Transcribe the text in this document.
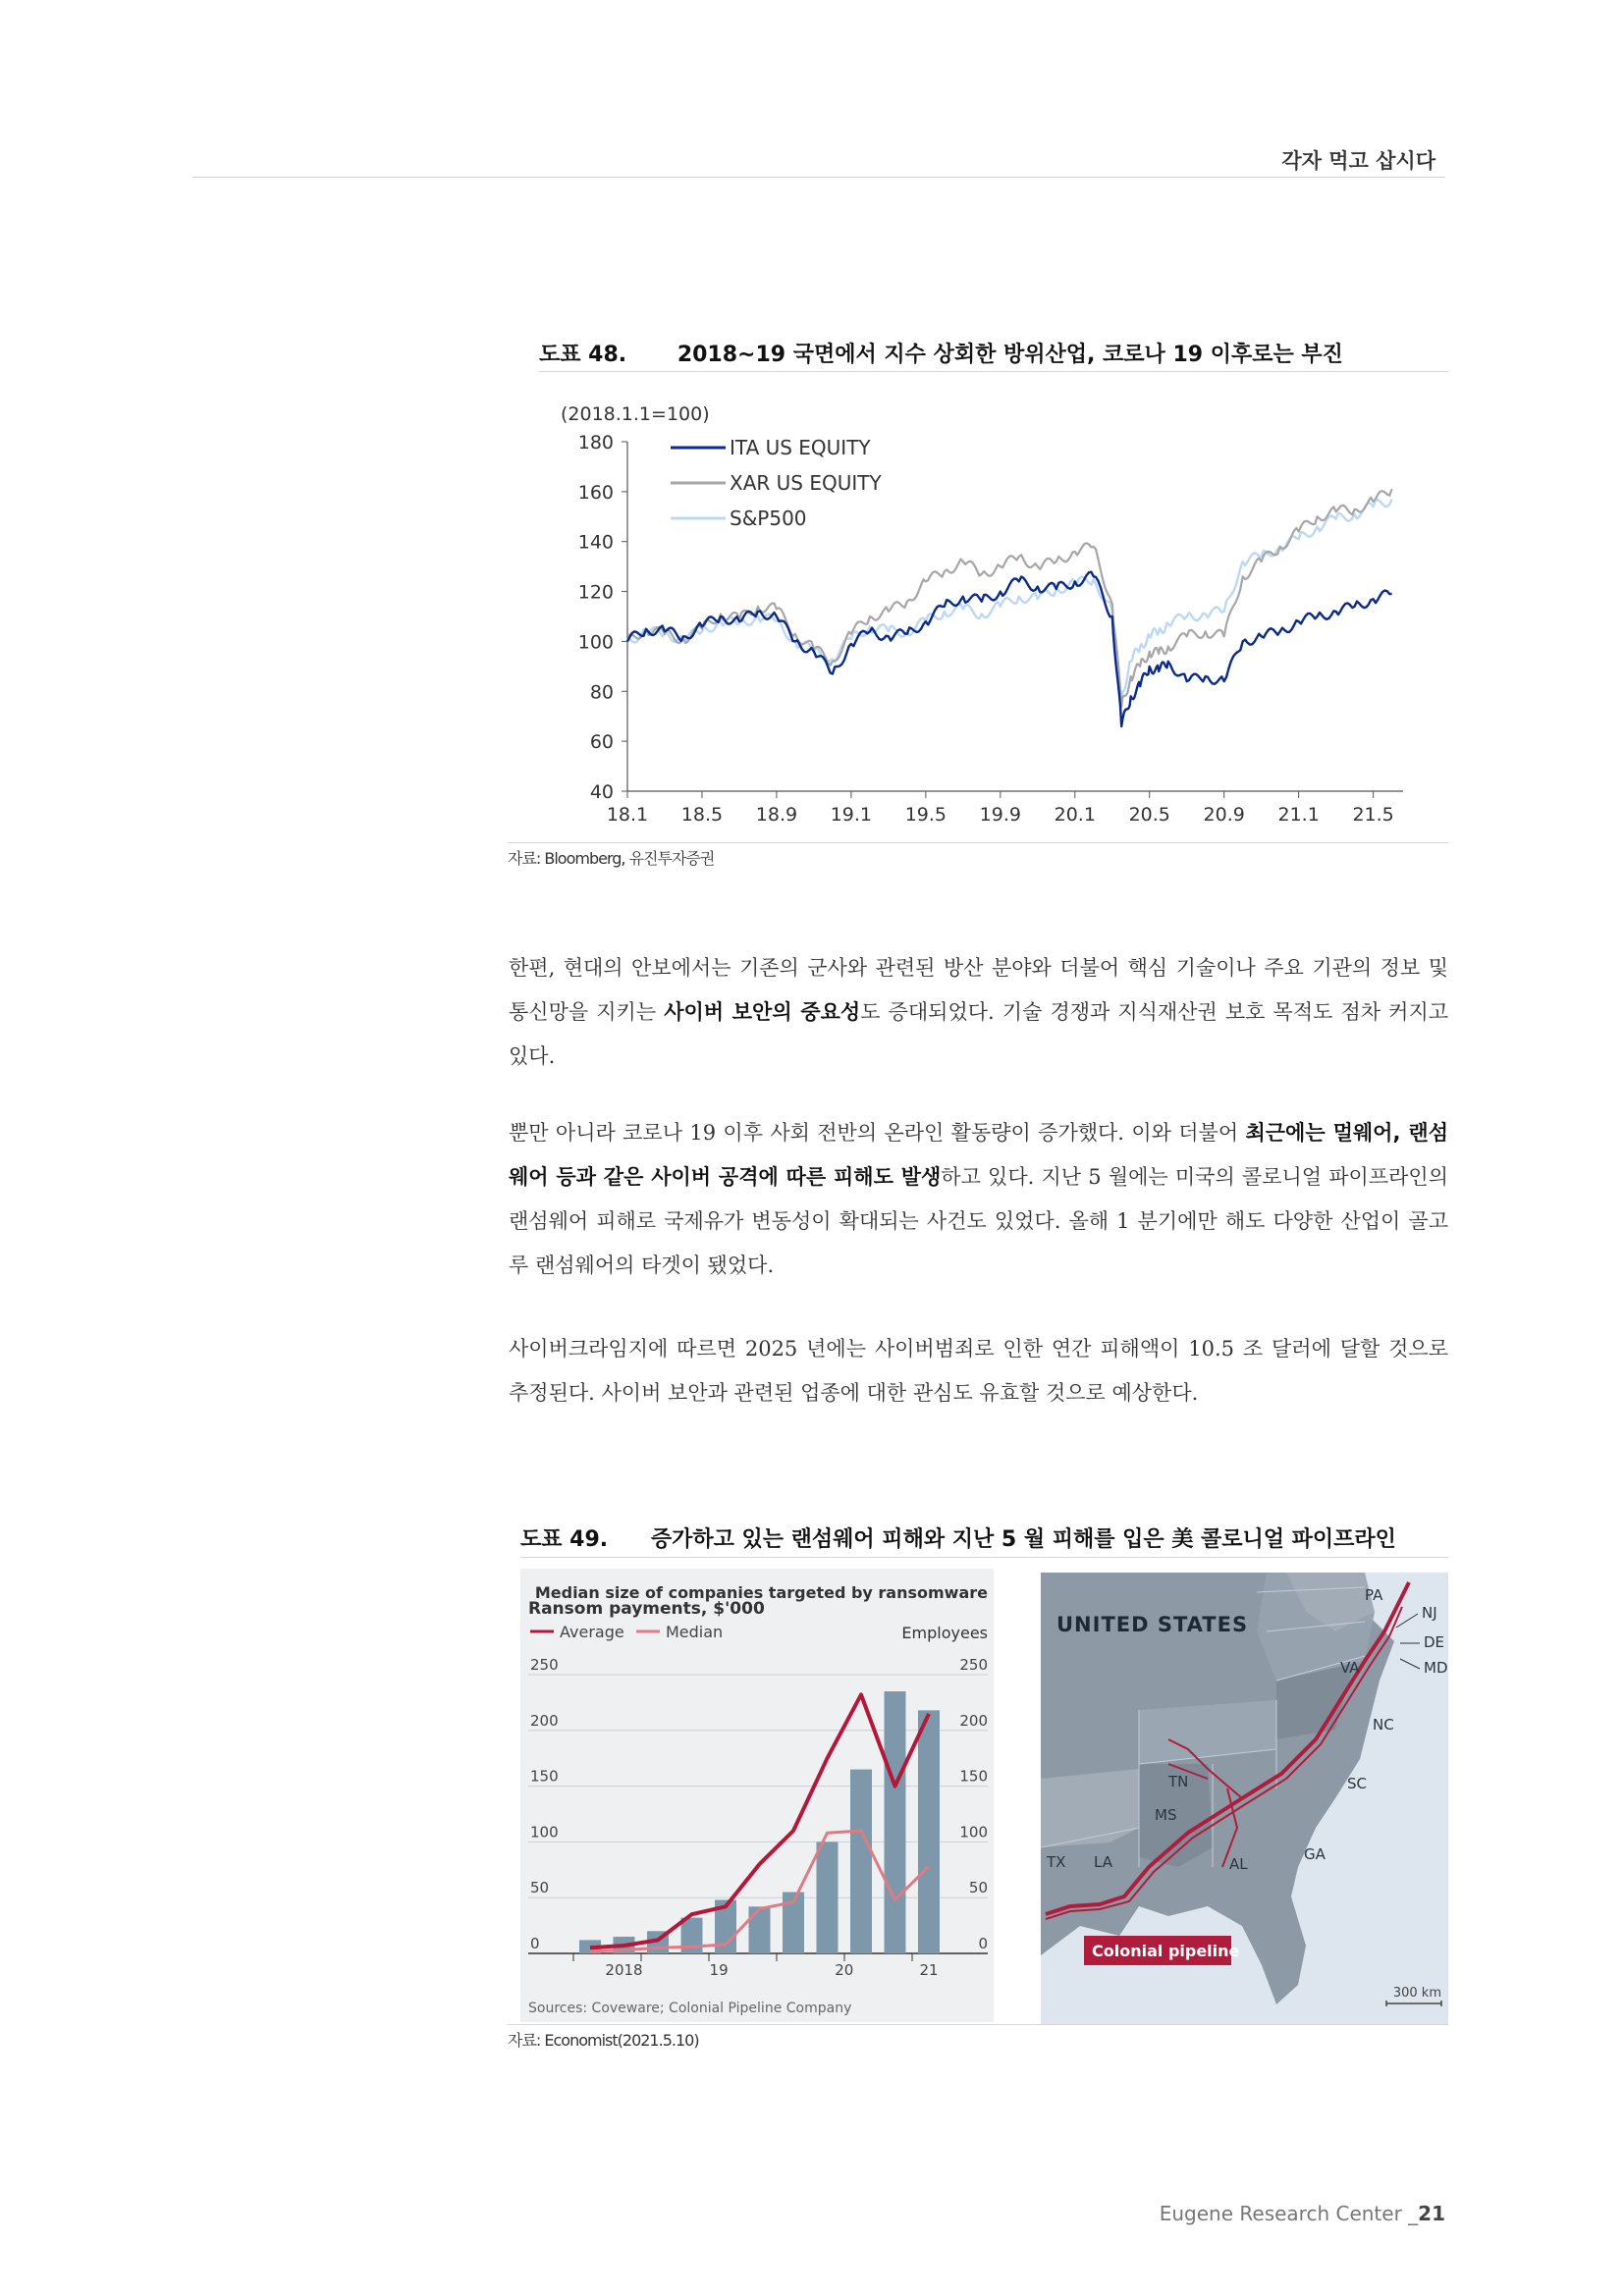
각자 먹고 삽시다
도표 48. 2018~19 국면에서 지수 상회한 방위산업, 코로나 19 이후로는 부진
(2018.1.1=100)
40
60
80
100
120
140
160
180
18.1 18.5 18.9 19.1 19.5 19.9 20.1 20.5 20.9 21.1 21.5
ITA US EQUITY
XAR US EQUITY
S&P500
자료: Bloomberg, 유진투자증권

한편, 현대의 안보에서는 기존의 군사와 관련된 방산 분야와 더불어 핵심 기술이나 주요 기관의 정보 및 통신망을 지키는 사이버 보안의 중요성도 증대되었다. 기술 경쟁과 지식재산권 보호 목적도 점차 커지고 있다.

뿐만 아니라 코로나 19 이후 사회 전반의 온라인 활동량이 증가했다. 이와 더불어 최근에는 멀웨어, 랜섬웨어 등과 같은 사이버 공격에 따른 피해도 발생하고 있다. 지난 5 월에는 미국의 콜로니얼 파이프라인의 랜섬웨어 피해로 국제유가 변동성이 확대되는 사건도 있었다. 올해 1 분기에만 해도 다양한 산업이 골고루 랜섬웨어의 타겟이 됐었다.

사이버크라임지에 따르면 2025 년에는 사이버범죄로 인한 연간 피해액이 10.5 조 달러에 달할 것으로 추정된다. 사이버 보안과 관련된 업종에 대한 관심도 유효할 것으로 예상한다.

도표 49. 증가하고 있는 랜섬웨어 피해와 지난 5 월 피해를 입은 美 콜로니얼 파이프라인
Ransom payments, $'000
Median size of companies targeted by ransomware
Employees
0	0
50	50
100	100
150	150
200	200
250	250
2018	19	20	21
Average	Median
Sources: Coveware; Colonial Pipeline Company
UNITED STATES
PA
NJ
DE
MD
VA
NC
TN	SC
MS
GA
TX LA	AL
Colonial pipeline
300 km
자료: Economist(2021.5.10)
Eugene Research Center _21
